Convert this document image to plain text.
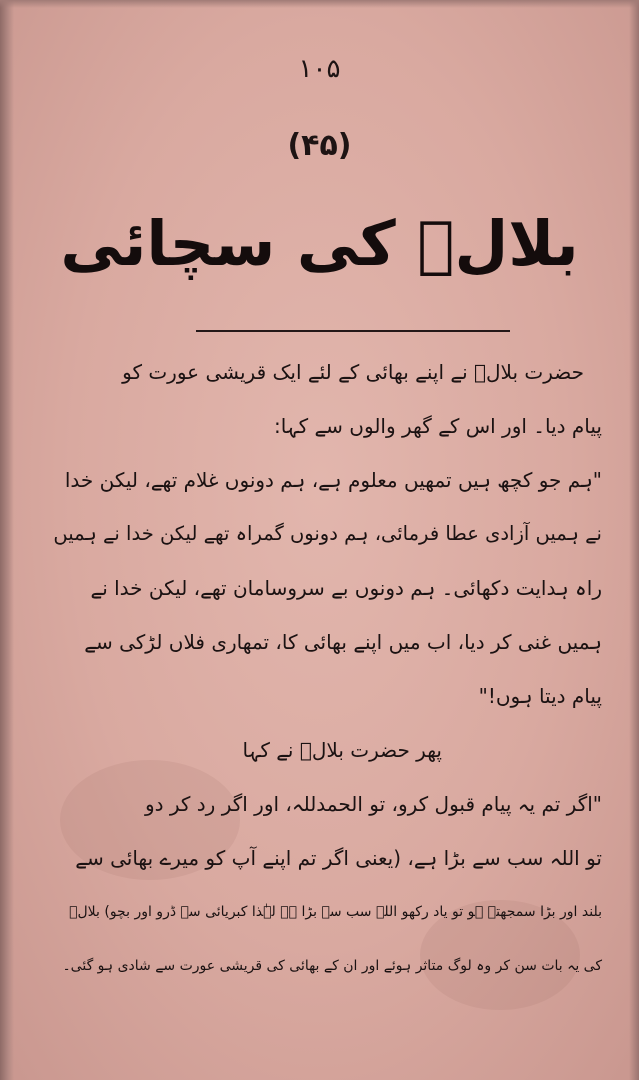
۱۰۵
(۴۵)
بلالؓ کی سچائی
حضرت بلالؓ نے اپنے بھائی کے لئے ایک قریشی عورت کو
پیام دیا۔ اور اس کے گھر والوں سے کہا:
"ہم جو کچھ ہیں تمھیں معلوم ہے، ہم دونوں غلام تھے، لیکن خدا
نے ہمیں آزادی عطا فرمائی، ہم دونوں گمراہ تھے لیکن خدا نے ہمیں
راہ ہدایت دکھائی۔ ہم دونوں بے سروسامان تھے، لیکن خدا نے
ہمیں غنی کر دیا، اب میں اپنے بھائی کا، تمھاری فلاں لڑکی سے
پیام دیتا ہوں!"
پھر حضرت بلالؓ نے کہا
"اگر تم یہ پیام قبول کرو، تو الحمدللہ، اور اگر رد کر دو
تو اللہ سب سے بڑا ہے، (یعنی اگر تم اپنے آپ کو میرے بھائی سے
بلند اور بڑا سمجھتے ہو تو یاد رکھو اللہ سب سے بڑا ہے لہٰذا کبریائی سے ڈرو اور بچو) بلالؓ
کی یہ بات سن کر وہ لوگ متاثر ہوئے اور ان کے بھائی کی قریشی عورت سے شادی ہو گئی۔
